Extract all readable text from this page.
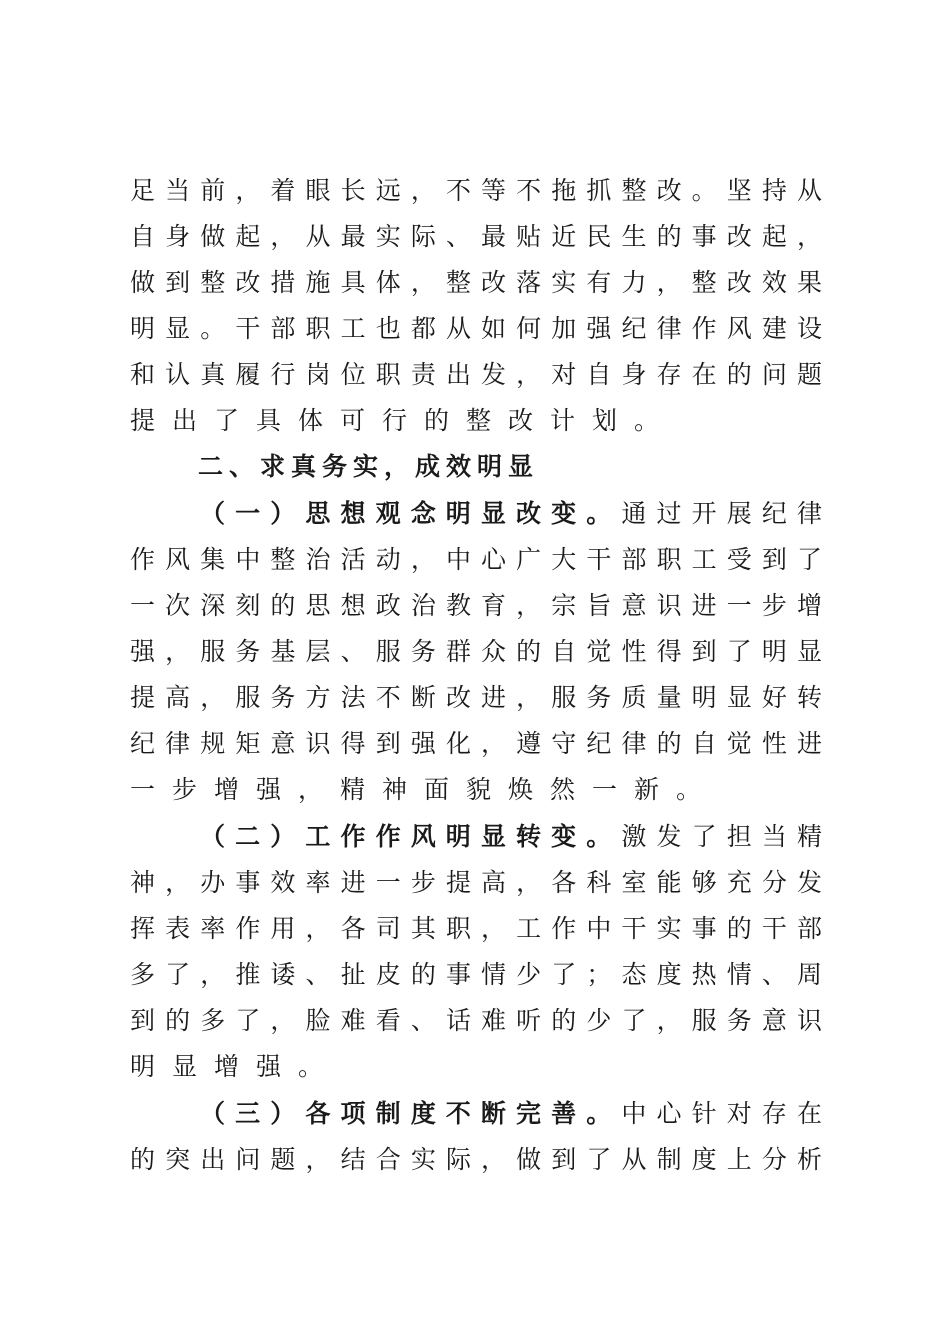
足当前，着眼长远，不等不拖抓整改。坚持从
自身做起，从最实际、最贴近民生的事改起，
做到整改措施具体，整改落实有力，整改效果
明显。干部职工也都从如何加强纪律作风建设
和认真履行岗位职责出发，对自身存在的问题
提出了具体可行的整改计划。
二、求真务实，成效明显
（一）思想观念明显改变。通过开展纪律
作风集中整治活动，中心广大干部职工受到了
一次深刻的思想政治教育，宗旨意识进一步增
强，服务基层、服务群众的自觉性得到了明显
提高，服务方法不断改进，服务质量明显好转
纪律规矩意识得到强化，遵守纪律的自觉性进
一步增强，精神面貌焕然一新。
（二）工作作风明显转变。激发了担当精
神，办事效率进一步提高，各科室能够充分发
挥表率作用，各司其职，工作中干实事的干部
多了，推诿、扯皮的事情少了；态度热情、周
到的多了，脸难看、话难听的少了，服务意识
明显增强。
（三）各项制度不断完善。中心针对存在
的突出问题，结合实际，做到了从制度上分析
